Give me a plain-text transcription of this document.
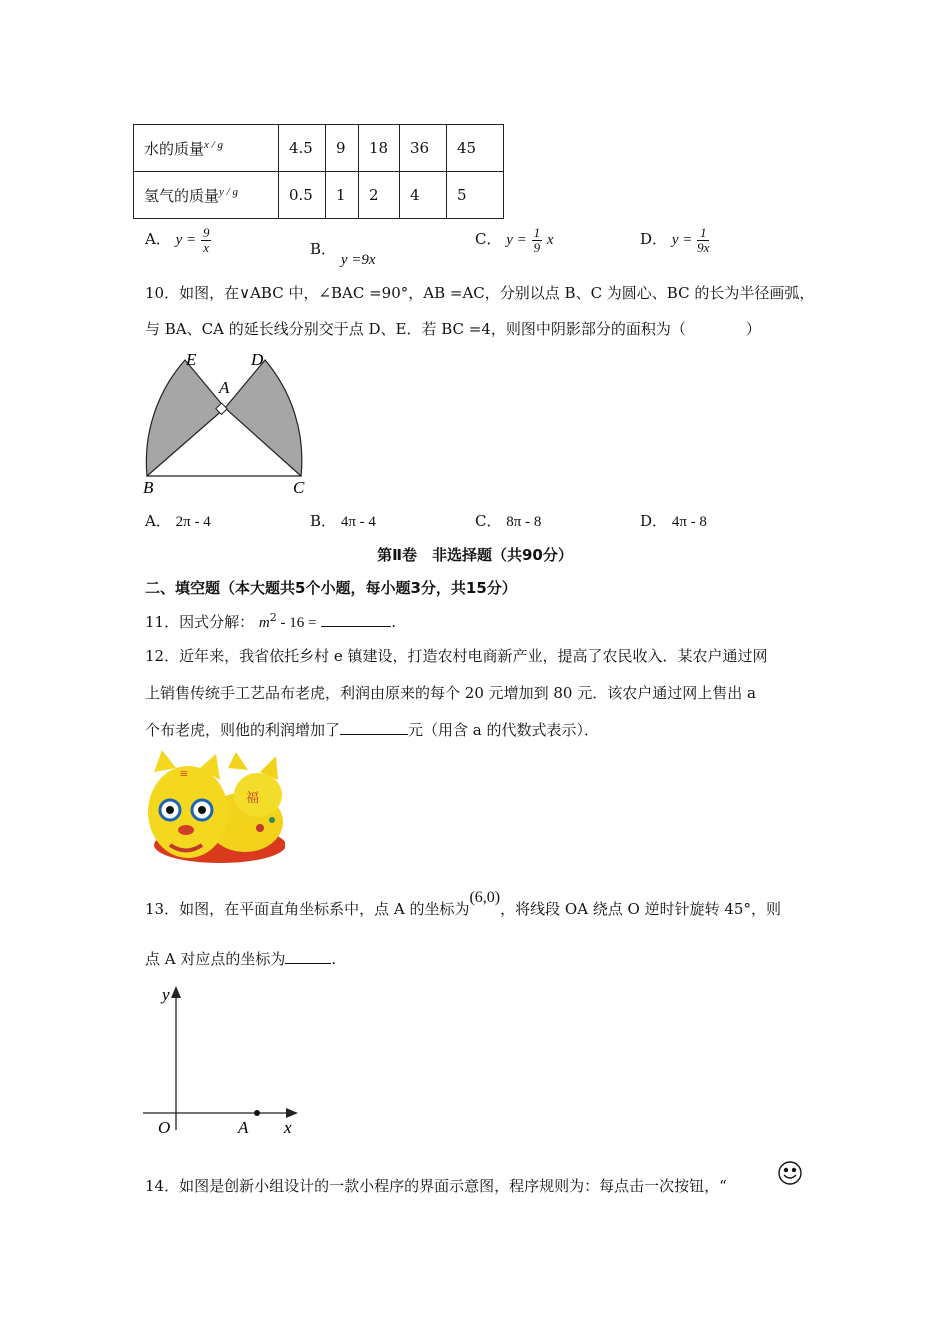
水的质量$^{x / g}$	4.5	9	18	36	45
氢气的质量$^{y / g}$	0.5	1	2	4	5
A． $y = \frac{9}{x}$	B． y =9x
C． $y = \frac{1}{9}$ x	D． $y = \frac{1}{9x}$
10．如图，在∨ABC 中，∠BAC =90°，AB =AC，分别以点 B、C 为圆心、BC 的长为半径画弧，
与 BA、CA 的延长线分别交于点 D、E．若 BC =4，则图中阴影部分的面积为（　　　　）
E	D
A
B	C
A． 2π - 4	B． 4π - 4	C． 8π - 8	D． 4π - 8
第Ⅱ卷　非选择题（共90分）
二、填空题（本大题共5个小题，每小题3分，共15分）
11．因式分解： $m^2 - 16$ =	.
12．近年来，我省依托乡村 e 镇建设，打造农村电商新产业，提高了农民收入．某农户通过网
上销售传统手工艺品布老虎，利润由原来的每个 20 元增加到 80 元．该农户通过网上售出 a
个布老虎，则他的利润增加了	元（用含 a 的代数式表示）．
≡
福
13．如图，在平面直角坐标系中，点 A 的坐标为(6,0)，将线段 OA 绕点 O 逆时针旋转 45°，则
点 A 对应点的坐标为	.
y
O	A x
14．如图是创新小组设计的一款小程序的界面示意图，程序规则为：每点击一次按钮，“
